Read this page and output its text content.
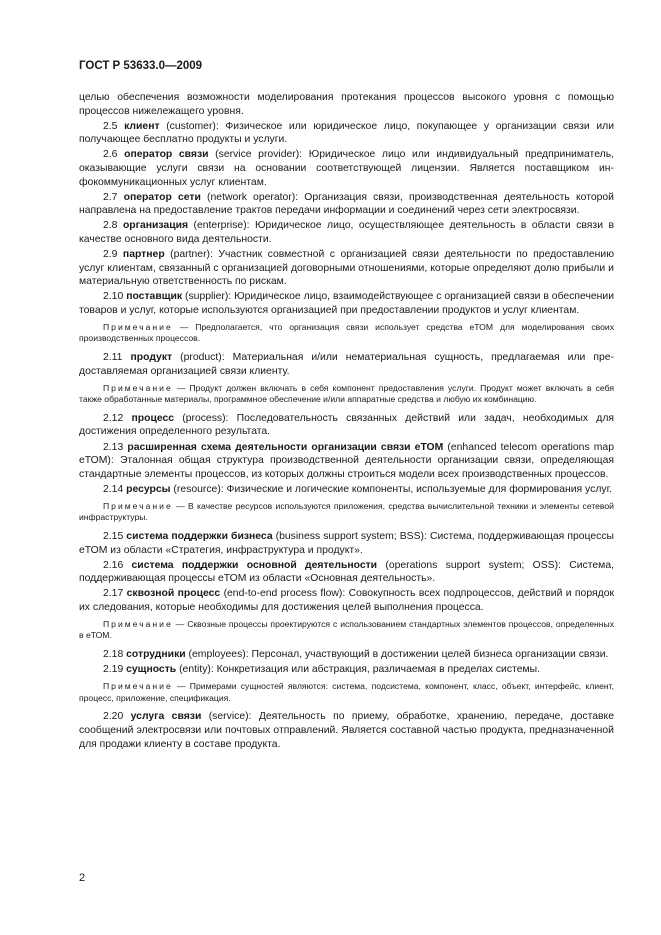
ГОСТ Р 53633.0—2009

целью обеспечения возможности моделирования протекания процессов высокого уровня с помощью процессов нижележащего уровня.

2.5 клиент (customer): Физическое или юридическое лицо, покупающее у организации связи или получающее бесплатно продукты и услуги.

2.6 оператор связи (service provider): Юридическое лицо или индивидуальный предприниматель, оказывающие услуги связи на основании соответствующей лицензии. Является поставщиком инфокоммуникационных услуг клиентам.

2.7 оператор сети (network operator): Организация связи, производственная деятельность которой направлена на предоставление трактов передачи информации и соединений через сети электросвязи.

2.8 организация (enterprise): Юридическое лицо, осуществляющее деятельность в области связи в качестве основного вида деятельности.

2.9 партнер (partner): Участник совместной с организацией связи деятельности по предоставлению услуг клиентам, связанный с организацией договорными отношениями, которые определяют долю прибыли и материальную ответственность по рискам.

2.10 поставщик (supplier): Юридическое лицо, взаимодействующее с организацией связи в обеспечении товаров и услуг, которые используются организацией при предоставлении продуктов и услуг клиентам.

Примечание — Предполагается, что организация связи использует средства еТОМ для моделирования своих производственных процессов.

2.11 продукт (product): Материальная и/или нематериальная сущность, предлагаемая или предоставляемая организацией связи клиенту.

Примечание — Продукт должен включать в себя компонент предоставления услуги. Продукт может включать в себя также обработанные материалы, программное обеспечение и/или аппаратные средства и любую их комбинацию.

2.12 процесс (process): Последовательность связанных действий или задач, необходимых для достижения определенного результата.

2.13 расширенная схема деятельности организации связи еТОМ (enhanced telecom operations map еТОМ): Эталонная общая структура производственной деятельности организации связи, определяющая стандартные элементы процессов, из которых должны строиться модели всех производственных процессов.

2.14 ресурсы (resource): Физические и логические компоненты, используемые для формирования услуг.

Примечание — В качестве ресурсов используются приложения, средства вычислительной техники и элементы сетевой инфраструктуры.

2.15 система поддержки бизнеса (business support system; BSS): Система, поддерживающая процессы еТОМ из области «Стратегия, инфраструктура и продукт».

2.16 система поддержки основной деятельности (operations support system; OSS): Система, поддерживающая процессы еТОМ из области «Основная деятельность».

2.17 сквозной процесс (end-to-end process flow): Совокупность всех подпроцессов, действий и порядок их следования, которые необходимы для достижения целей выполнения процесса.

Примечание — Сквозные процессы проектируются с использованием стандартных элементов процессов, определенных в еТОМ.

2.18 сотрудники (employees): Персонал, участвующий в достижении целей бизнеса организации связи.

2.19 сущность (entity): Конкретизация или абстракция, различаемая в пределах системы.

Примечание — Примерами сущностей являются: система, подсистема, компонент, класс, объект, интерфейс, клиент, процесс, приложение, спецификация.

2.20 услуга связи (service): Деятельность по приему, обработке, хранению, передаче, доставке сообщений электросвязи или почтовых отправлений. Является составной частью продукта, предназначенной для продажи клиенту в составе продукта.

2
